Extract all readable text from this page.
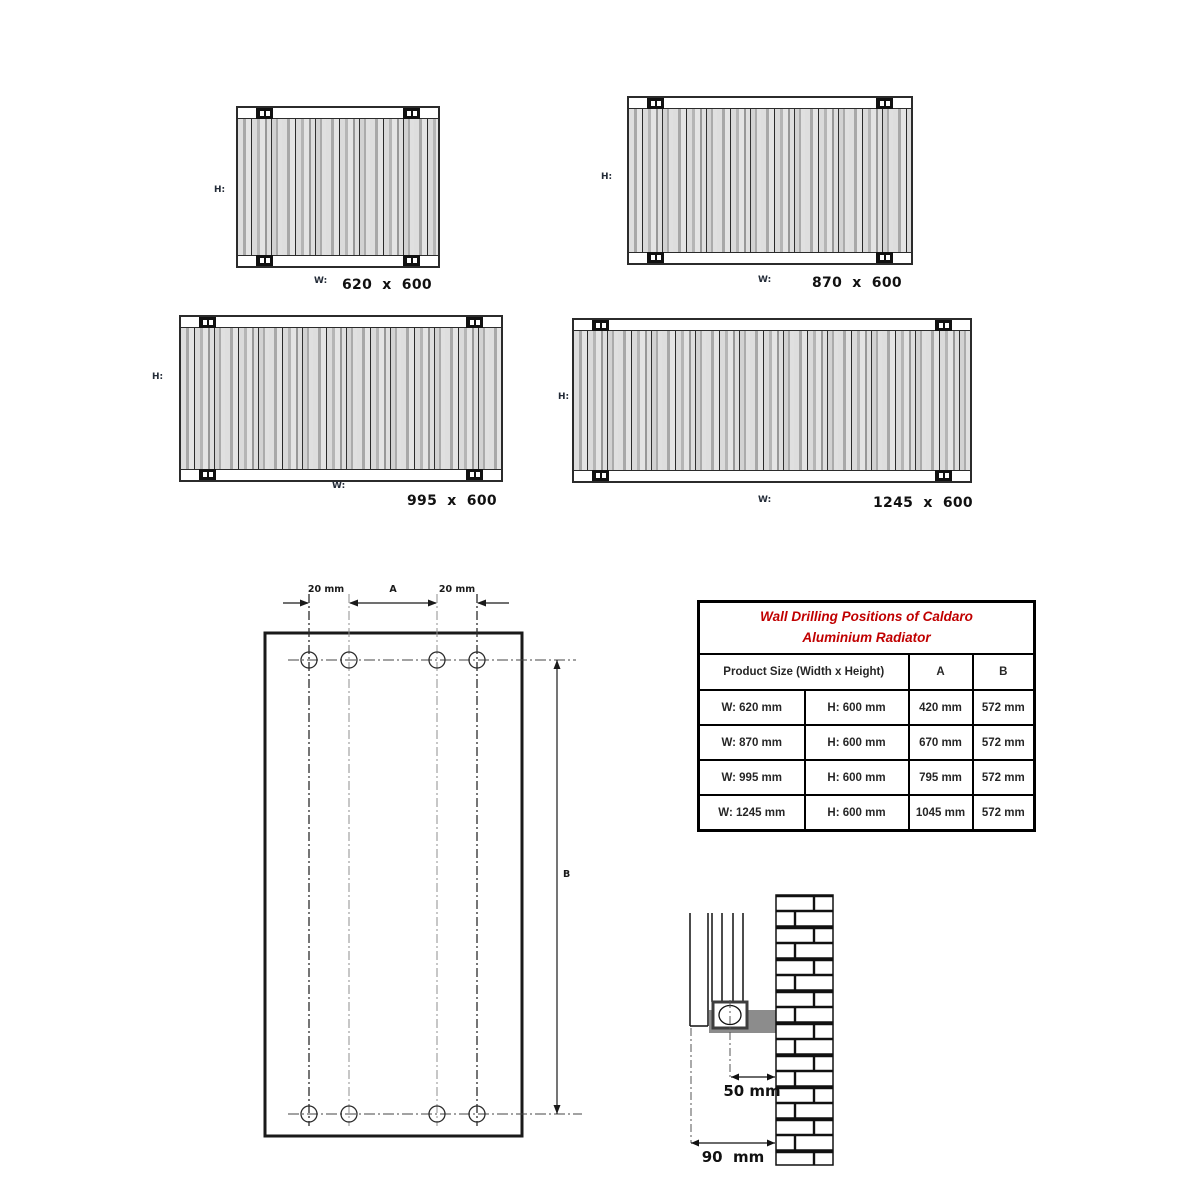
H:
W: 620 x 600
H:
W:	870 x 600
H:
W:
995 x 600
H:
W:	1245 x 600
20 mm	A	20 mm
B
Wall Drilling Positions of Caldaro
Aluminium Radiator			

Product Size (Width x Height)		A	B
W: 620 mm	H: 600 mm	420 mm	572 mm
W: 870 mm	H: 600 mm	670 mm	572 mm
W: 995 mm	H: 600 mm	795 mm	572 mm
W: 1245 mm	H: 600 mm	1045 mm	572 mm
50 mm
90  mm
